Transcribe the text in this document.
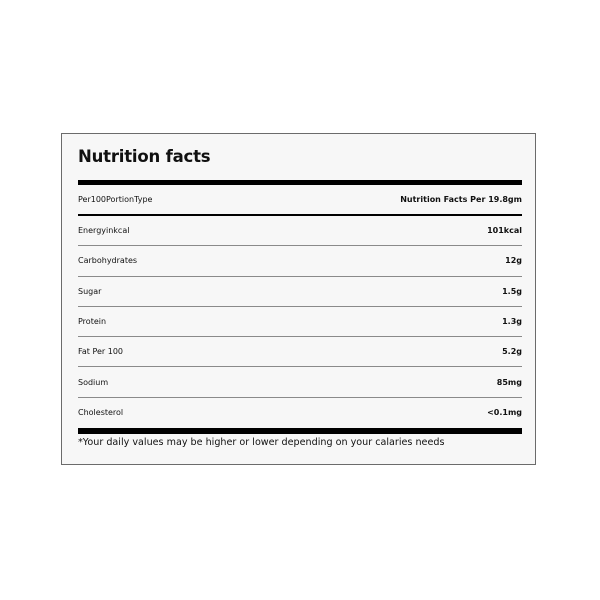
Nutrition facts
Per100PortionType	Nutrition Facts Per 19.8gm
Energyinkcal	101kcal
Carbohydrates	12g
Sugar	1.5g
Protein	1.3g
Fat Per 100	5.2g
Sodium	85mg
Cholesterol	<0.1mg
*Your daily values may be higher or lower depending on your calaries needs
